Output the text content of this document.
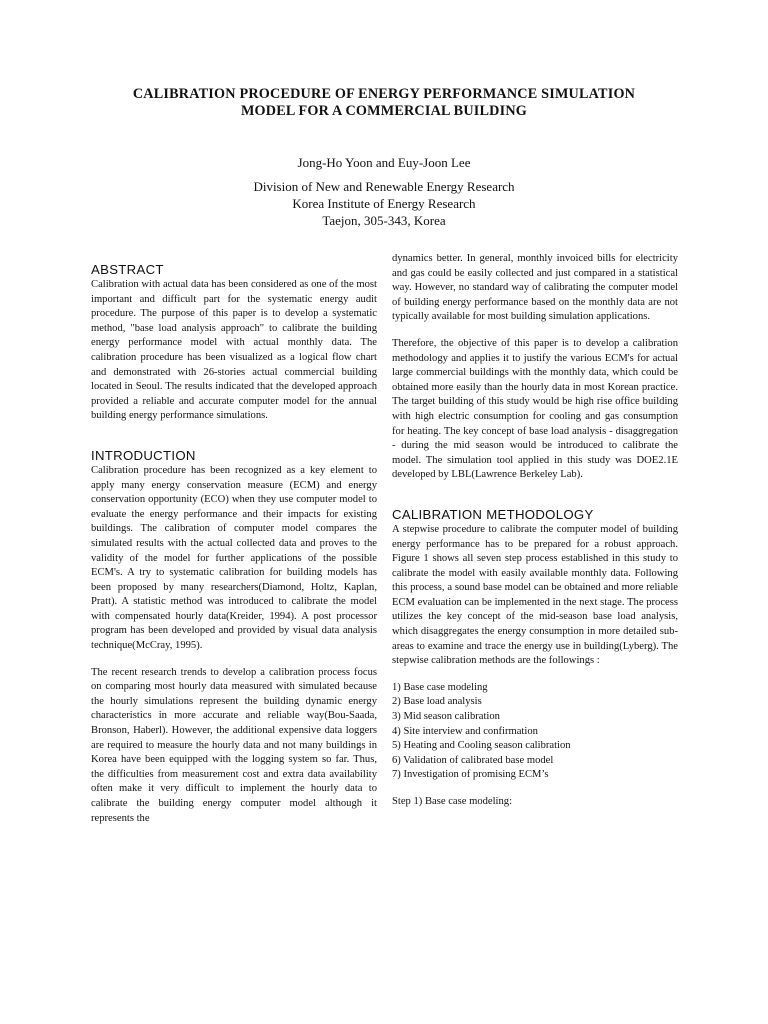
CALIBRATION PROCEDURE OF ENERGY PERFORMANCE SIMULATION
MODEL FOR A COMMERCIAL BUILDING
Jong-Ho Yoon and Euy-Joon Lee
Division of New and Renewable Energy Research
Korea Institute of Energy Research
Taejon, 305-343, Korea
ABSTRACT

Calibration with actual data has been considered as one of the most important and difficult part for the systematic energy audit procedure. The purpose of this paper is to develop a systematic method, "base load analysis approach" to calibrate the building energy performance model with actual monthly data. The calibration procedure has been visualized as a logical flow chart and demonstrated with 26-stories actual commercial building located in Seoul. The results indicated that the developed approach provided a reliable and accurate computer model for the annual building energy performance simulations.

INTRODUCTION

Calibration procedure has been recognized as a key element to apply many energy conservation measure (ECM) and energy conservation opportunity (ECO) when they use computer model to evaluate the energy performance and their impacts for existing buildings. The calibration of computer model compares the simulated results with the actual collected data and proves to the validity of the model for further applications of the possible ECM's. A try to systematic calibration for building models has been proposed by many researchers(Diamond, Holtz, Kaplan, Pratt). A statistic method was introduced to calibrate the model with compensated hourly data(Kreider, 1994). A post processor program has been developed and provided by visual data analysis technique(McCray, 1995).

The recent research trends to develop a calibration process focus on comparing most hourly data measured with simulated because the hourly simulations represent the building dynamic energy characteristics in more accurate and reliable way(Bou-Saada, Bronson, Haberl). However, the additional expensive data loggers are required to measure the hourly data and not many buildings in Korea have been equipped with the logging system so far. Thus, the difficulties from measurement cost and extra data availability often make it very difficult to implement the hourly data to calibrate the building energy computer model although it represents the

dynamics better. In general, monthly invoiced bills for electricity and gas could be easily collected and just compared in a statistical way. However, no standard way of calibrating the computer model of building energy performance based on the monthly data are not typically available for most building simulation applications.

Therefore, the objective of this paper is to develop a calibration methodology and applies it to justify the various ECM's for actual large commercial buildings with the monthly data, which could be obtained more easily than the hourly data in most Korean practice. The target building of this study would be high rise office building with high electric consumption for cooling and gas consumption for heating. The key concept of base load analysis - disaggregation - during the mid season would be introduced to calibrate the model. The simulation tool applied in this study was DOE2.1E developed by LBL(Lawrence Berkeley Lab).

CALIBRATION METHODOLOGY

A stepwise procedure to calibrate the computer model of building energy performance has to be prepared for a robust approach. Figure 1 shows all seven step process established in this study to calibrate the model with easily available monthly data. Following this process, a sound base model can be obtained and more reliable ECM evaluation can be implemented in the next stage. The process utilizes the key concept of the mid-season base load analysis, which disaggregates the energy consumption in more detailed sub-areas to examine and trace the energy use in building(Lyberg). The stepwise calibration methods are the followings :

1) Base case modeling
2) Base load analysis
3) Mid season calibration
4) Site interview and confirmation
5) Heating and Cooling season calibration
6) Validation of calibrated base model
7) Investigation of promising ECM’s

Step 1) Base case modeling:
